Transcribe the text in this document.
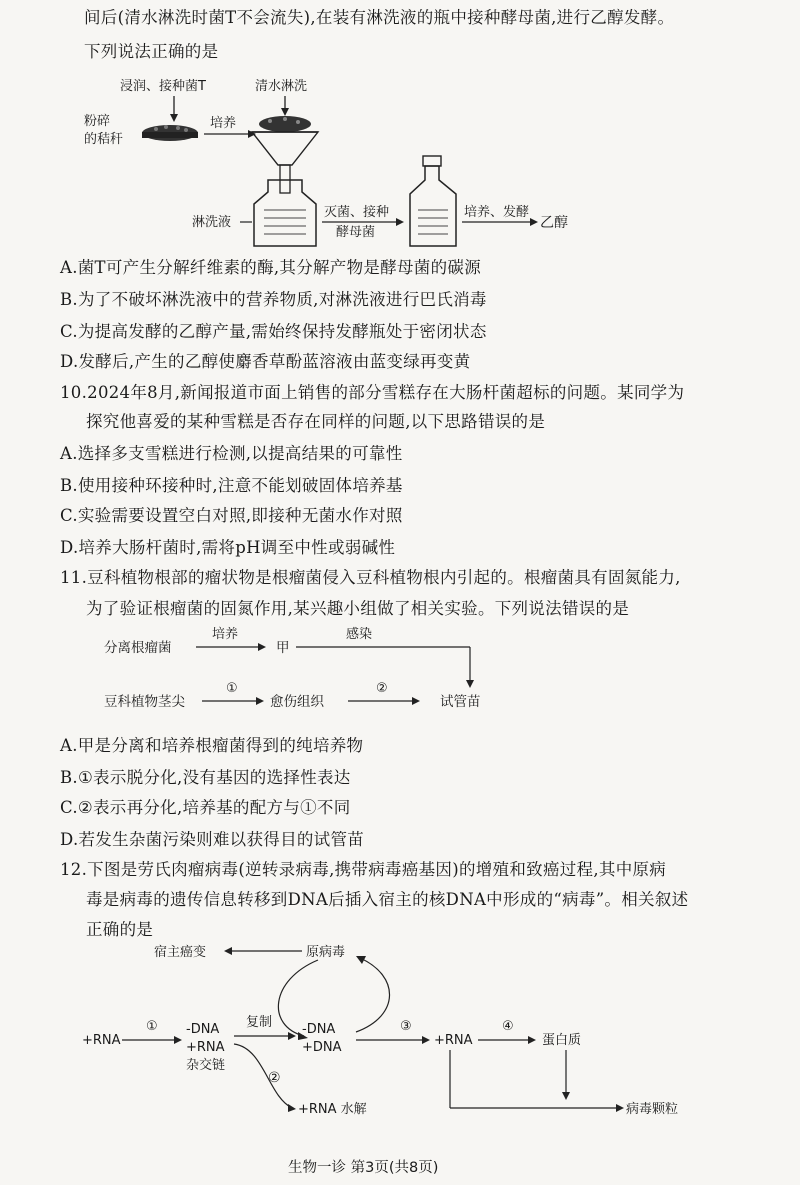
间后(清水淋洗时菌T不会流失),在装有淋洗液的瓶中接种酵母菌,进行乙醇发酵。
下列说法正确的是
浸润、接种菌T	清水淋洗
粉碎
的秸秆
培养
淋洗液
灭菌、接种
酵母菌
培养、发酵
乙醇
A.菌T可产生分解纤维素的酶,其分解产物是酵母菌的碳源
B.为了不破坏淋洗液中的营养物质,对淋洗液进行巴氏消毒
C.为提高发酵的乙醇产量,需始终保持发酵瓶处于密闭状态
D.发酵后,产生的乙醇使麝香草酚蓝溶液由蓝变绿再变黄
10.2024年8月,新闻报道市面上销售的部分雪糕存在大肠杆菌超标的问题。某同学为
探究他喜爱的某种雪糕是否存在同样的问题,以下思路错误的是
A.选择多支雪糕进行检测,以提高结果的可靠性
B.使用接种环接种时,注意不能划破固体培养基
C.实验需要设置空白对照,即接种无菌水作对照
D.培养大肠杆菌时,需将pH调至中性或弱碱性
11.豆科植物根部的瘤状物是根瘤菌侵入豆科植物根内引起的。根瘤菌具有固氮能力,
为了验证根瘤菌的固氮作用,某兴趣小组做了相关实验。下列说法错误的是
分离根瘤菌
培养
甲
感染
豆科植物茎尖
①
愈伤组织
②
试管苗
A.甲是分离和培养根瘤菌得到的纯培养物
B.①表示脱分化,没有基因的选择性表达
C.②表示再分化,培养基的配方与①不同
D.若发生杂菌污染则难以获得目的试管苗
12.下图是劳氏肉瘤病毒(逆转录病毒,携带病毒癌基因)的增殖和致癌过程,其中原病
毒是病毒的遗传信息转移到DNA后插入宿主的核DNA中形成的“病毒”。相关叙述
正确的是
宿主癌变	原病毒
+RNA
① -DNA
+RNA
杂交链
复制 -DNA
+DNA
③
+RNA
④
蛋白质
病毒颗粒
②
+RNA 水解
生物一诊 第3页(共8页)
